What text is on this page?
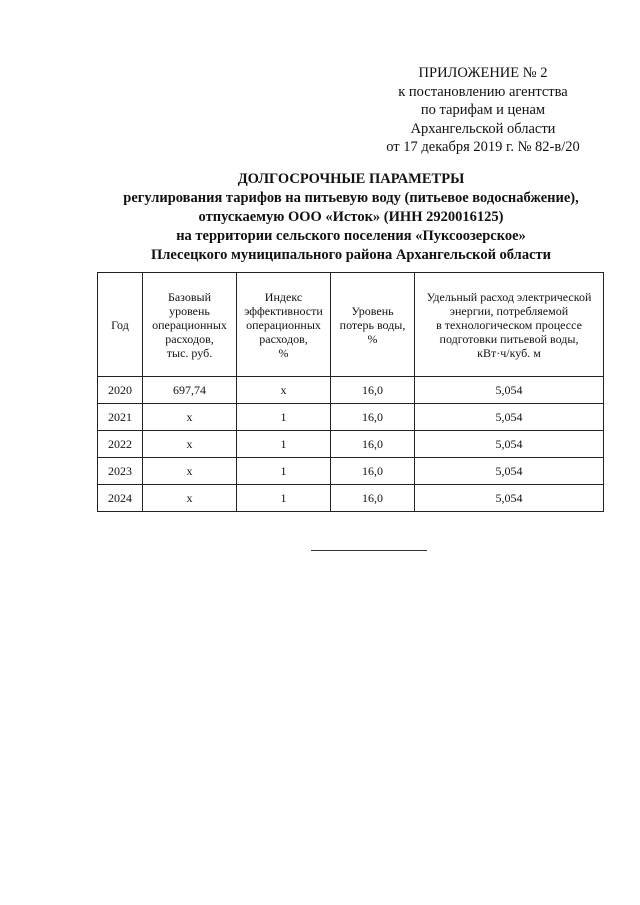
ПРИЛОЖЕНИЕ № 2
к постановлению агентства
по тарифам и ценам
Архангельской области
от 17 декабря 2019 г. № 82-в/20
ДОЛГОСРОЧНЫЕ ПАРАМЕТРЫ
регулирования тарифов на питьевую воду (питьевое водоснабжение),
отпускаемую ООО «Исток» (ИНН 2920016125)
на территории сельского поселения «Пуксоозерское»
Плесецкого муниципального района Архангельской области
Год	Базовый
уровень
операционных
расходов,
тыс. руб.	Индекс
эффективности
операционных
расходов,
%	Уровень
потерь воды,
%	Удельный расход электрической
энергии, потребляемой
в технологическом процессе
подготовки питьевой воды,
кВт·ч/куб. м

2020	697,74	х	16,0	5,054
2021	х	1	16,0	5,054
2022	х	1	16,0	5,054
2023	х	1	16,0	5,054
2024	х	1	16,0	5,054
